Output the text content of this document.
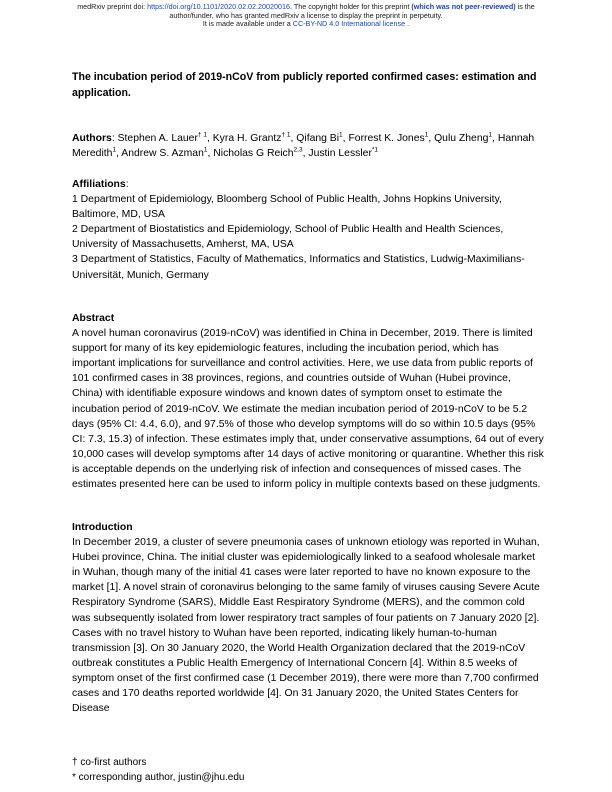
medRxiv preprint doi: https://doi.org/10.1101/2020.02.02.20020016. The copyright holder for this preprint (which was not peer-reviewed) is the
author/funder, who has granted medRxiv a license to display the preprint in perpetuity.
It is made available under a CC-BY-ND 4.0 International license .
The incubation period of 2019-nCoV from publicly reported confirmed cases: estimation and application.
Authors: Stephen A. Lauer$^{\dagger 1}$, Kyra H. Grantz$^{\dagger 1}$, Qifang Bi$^1$, Forrest K. Jones$^1$, Qulu Zheng$^1$, Hannah Meredith$^1$, Andrew S. Azman$^1$, Nicholas G Reich$^{2,3}$, Justin Lessler$^{*1}$
Affiliations:
1 Department of Epidemiology, Bloomberg School of Public Health, Johns Hopkins University, Baltimore, MD, USA
2 Department of Biostatistics and Epidemiology, School of Public Health and Health Sciences, University of Massachusetts, Amherst, MA, USA
3 Department of Statistics, Faculty of Mathematics, Informatics and Statistics, Ludwig-Maximilians-Universität, Munich, Germany
Abstract

A novel human coronavirus (2019-nCoV) was identified in China in December, 2019. There is limited support for many of its key epidemiologic features, including the incubation period, which has important implications for surveillance and control activities. Here, we use data from public reports of 101 confirmed cases in 38 provinces, regions, and countries outside of Wuhan (Hubei province, China) with identifiable exposure windows and known dates of symptom onset to estimate the incubation period of 2019-nCoV. We estimate the median incubation period of 2019-nCoV to be 5.2 days (95% CI: 4.4, 6.0), and 97.5% of those who develop symptoms will do so within 10.5 days (95% CI: 7.3, 15.3) of infection. These estimates imply that, under conservative assumptions, 64 out of every 10,000 cases will develop symptoms after 14 days of active monitoring or quarantine. Whether this risk is acceptable depends on the underlying risk of infection and consequences of missed cases. The estimates presented here can be used to inform policy in multiple contexts based on these judgments.

Introduction

In December 2019, a cluster of severe pneumonia cases of unknown etiology was reported in Wuhan, Hubei province, China. The initial cluster was epidemiologically linked to a seafood wholesale market in Wuhan, though many of the initial 41 cases were later reported to have no known exposure to the market [1]. A novel strain of coronavirus belonging to the same family of viruses causing Severe Acute Respiratory Syndrome (SARS), Middle East Respiratory Syndrome (MERS), and the common cold was subsequently isolated from lower respiratory tract samples of four patients on 7 January 2020 [2]. Cases with no travel history to Wuhan have been reported, indicating likely human-to-human transmission [3]. On 30 January 2020, the World Health Organization declared that the 2019-nCoV outbreak constitutes a Public Health Emergency of International Concern [4]. Within 8.5 weeks of symptom onset of the first confirmed case (1 December 2019), there were more than 7,700 confirmed cases and 170 deaths reported worldwide [4]. On 31 January 2020, the United States Centers for Disease

† co-first authors
* corresponding author, justin@jhu.edu
